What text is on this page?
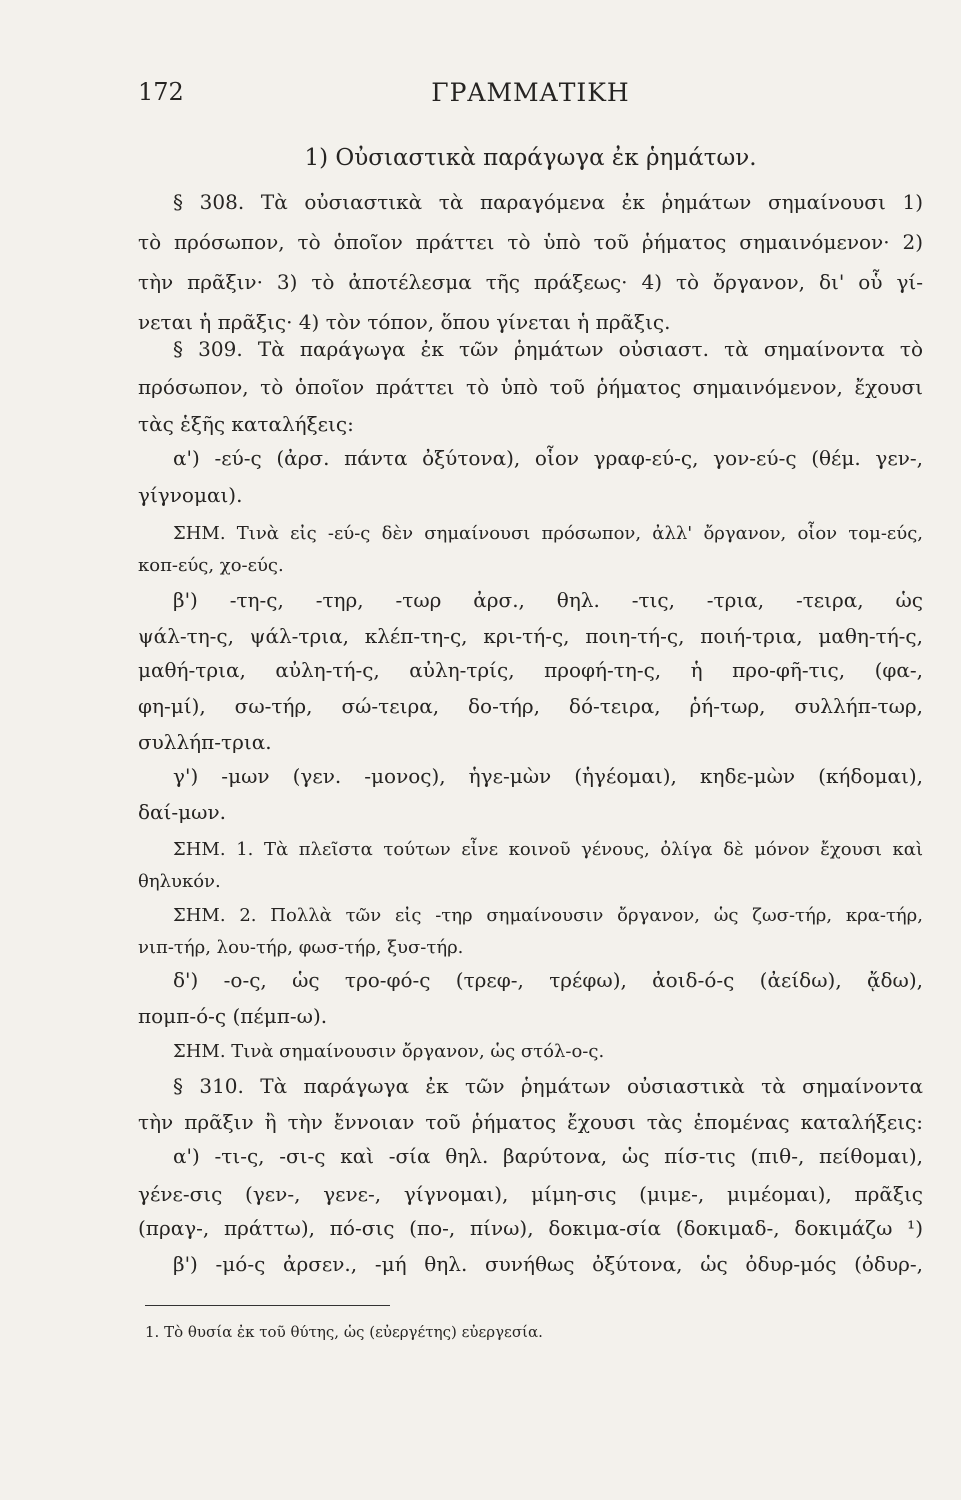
172	ΓΡΑΜΜΑΤΙΚΗ
1) Οὐσιαστικὰ παράγωγα ἐκ ῥημάτων.
§ 308. Τὰ οὐσιαστικὰ τὰ παραγόμενα ἐκ ῥημάτων σημαίνουσι 1)
τὸ πρόσωπον, τὸ ὁποῖον πράττει τὸ ὑπὸ τοῦ ῥήματος σημαινόμενον· 2)
τὴν πρᾶξιν· 3) τὸ ἀποτέλεσμα τῆς πράξεως· 4) τὸ ὄργανον, δι' οὗ γί-
νεται ἡ πρᾶξις· 4) τὸν τόπον, ὅπου γίνεται ἡ πρᾶξις.
§ 309. Τὰ παράγωγα ἐκ τῶν ῥημάτων οὐσιαστ. τὰ σημαίνοντα τὸ
πρόσωπον, τὸ ὁποῖον πράττει τὸ ὑπὸ τοῦ ῥήματος σημαινόμενον, ἔχουσι
τὰς ἑξῆς καταλήξεις:
α') -εύ-ς (ἀρσ. πάντα ὀξύτονα), οἷον γραφ-εύ-ς, γον-εύ-ς (θέμ. γεν-,
γίγνομαι).
ΣΗΜ. Τινὰ εἰς -εύ-ς δὲν σημαίνουσι πρόσωπον, ἀλλ' ὄργανον, οἷον τομ-εύς,
κοπ-εύς, χο-εύς.
β') -τη-ς, -τηρ, -τωρ ἀρσ., θηλ. -τις, -τρια, -τειρα, ὡς
ψάλ-τη-ς, ψάλ-τρια, κλέπ-τη-ς, κρι-τή-ς, ποιη-τή-ς, ποιή-τρια, μαθη-τή-ς,
μαθή-τρια, αὐλη-τή-ς, αὐλη-τρίς, προφή-τη-ς, ἡ προ-φῆ-τις, (φα-,
φη-μί), σω-τήρ, σώ-τειρα, δο-τήρ, δό-τειρα, ῥή-τωρ, συλλήπ-τωρ,
συλλήπ-τρια.
γ') -μων (γεν. -μονος), ἡγε-μὼν (ἡγέομαι), κηδε-μὼν (κήδομαι),
δαί-μων.
ΣΗΜ. 1. Τὰ πλεῖστα τούτων εἶνε κοινοῦ γένους, ὀλίγα δὲ μόνον ἔχουσι καὶ
θηλυκόν.
ΣΗΜ. 2. Πολλὰ τῶν εἰς -τηρ σημαίνουσιν ὄργανον, ὡς ζωσ-τήρ, κρα-τήρ,
νιπ-τήρ, λου-τήρ, φωσ-τήρ, ξυσ-τήρ.
δ') -ο-ς, ὡς τρο-φό-ς (τρεφ-, τρέφω), ἀοιδ-ό-ς (ἀείδω), ᾄδω),
πομπ-ό-ς (πέμπ-ω).
ΣΗΜ. Τινὰ σημαίνουσιν ὄργανον, ὡς στόλ-ο-ς.
§ 310. Τὰ παράγωγα ἐκ τῶν ῥημάτων οὐσιαστικὰ τὰ σημαίνοντα
τὴν πρᾶξιν ἢ τὴν ἔννοιαν τοῦ ῥήματος ἔχουσι τὰς ἑπομένας καταλήξεις:
α') -τι-ς, -σι-ς καὶ -σία θηλ. βαρύτονα, ὡς πίσ-τις (πιθ-, πείθομαι),
γένε-σις (γεν-, γενε-, γίγνομαι), μίμη-σις (μιμε-, μιμέομαι), πρᾶξις
(πραγ-, πράττω), πό-σις (πο-, πίνω), δοκιμα-σία (δοκιμαδ-, δοκιμάζω ¹)
β') -μό-ς ἀρσεν., -μή θηλ. συνήθως ὀξύτονα, ὡς ὀδυρ-μός (ὀδυρ-,
1. Τὸ θυσία ἐκ τοῦ θύτης, ὡς (εὐεργέτης) εὐεργεσία.
